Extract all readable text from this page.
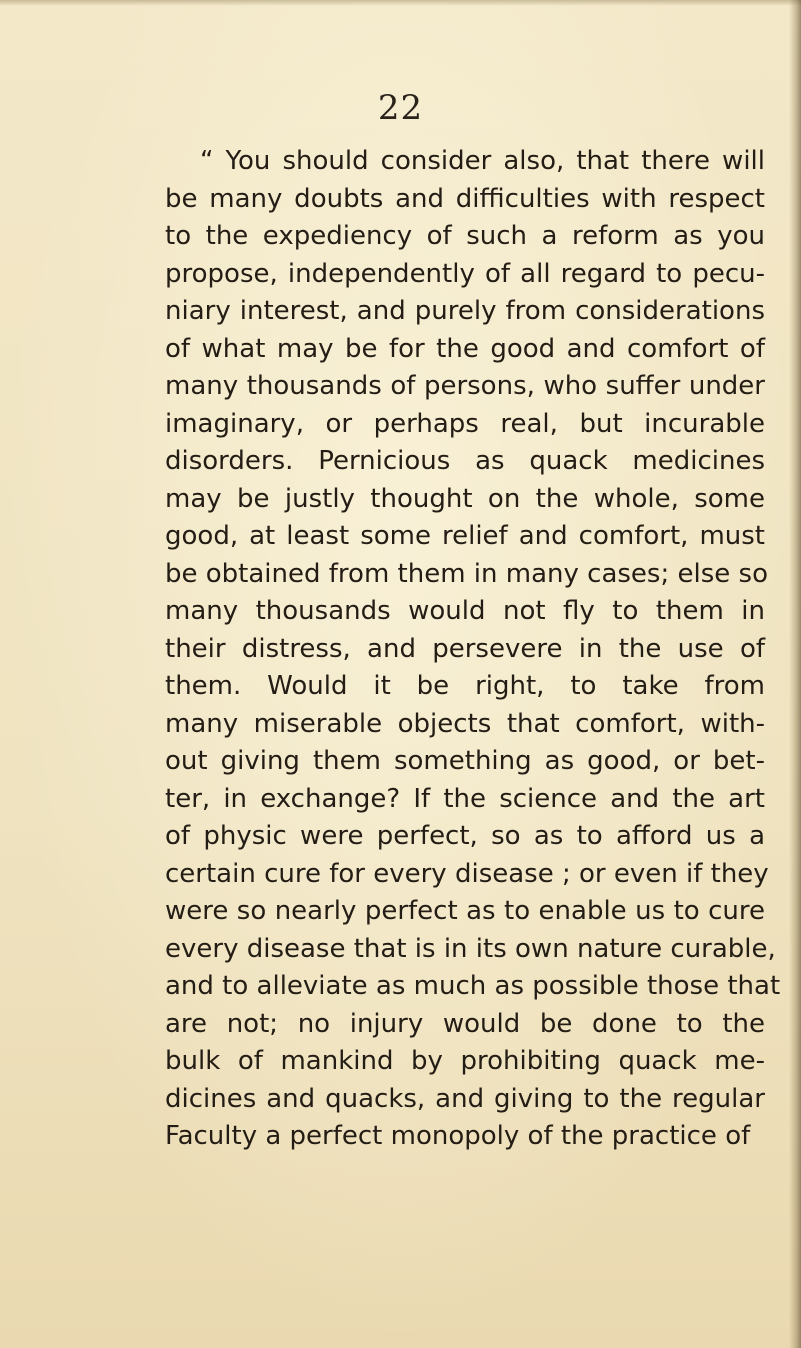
22
“ You should consider also, that there will
be many doubts and difficulties with respect
to the expediency of such a reform as you
propose, independently of all regard to pecu-
niary interest, and purely from considerations
of what may be for the good and comfort of
many thousands of persons, who suffer under
imaginary, or perhaps real, but incurable
disorders. Pernicious as quack medicines
may be justly thought on the whole, some
good, at least some relief and comfort, must
be obtained from them in many cases; else so
many thousands would not fly to them in
their distress, and persevere in the use of
them. Would it be right, to take from
many miserable objects that comfort, with-
out giving them something as good, or bet-
ter, in exchange? If the science and the art
of physic were perfect, so as to afford us a
certain cure for every disease ; or even if they
were so nearly perfect as to enable us to cure
every disease that is in its own nature curable,
and to alleviate as much as possible those that
are not; no injury would be done to the
bulk of mankind by prohibiting quack me-
dicines and quacks, and giving to the regular
Faculty a perfect monopoly of the practice of
